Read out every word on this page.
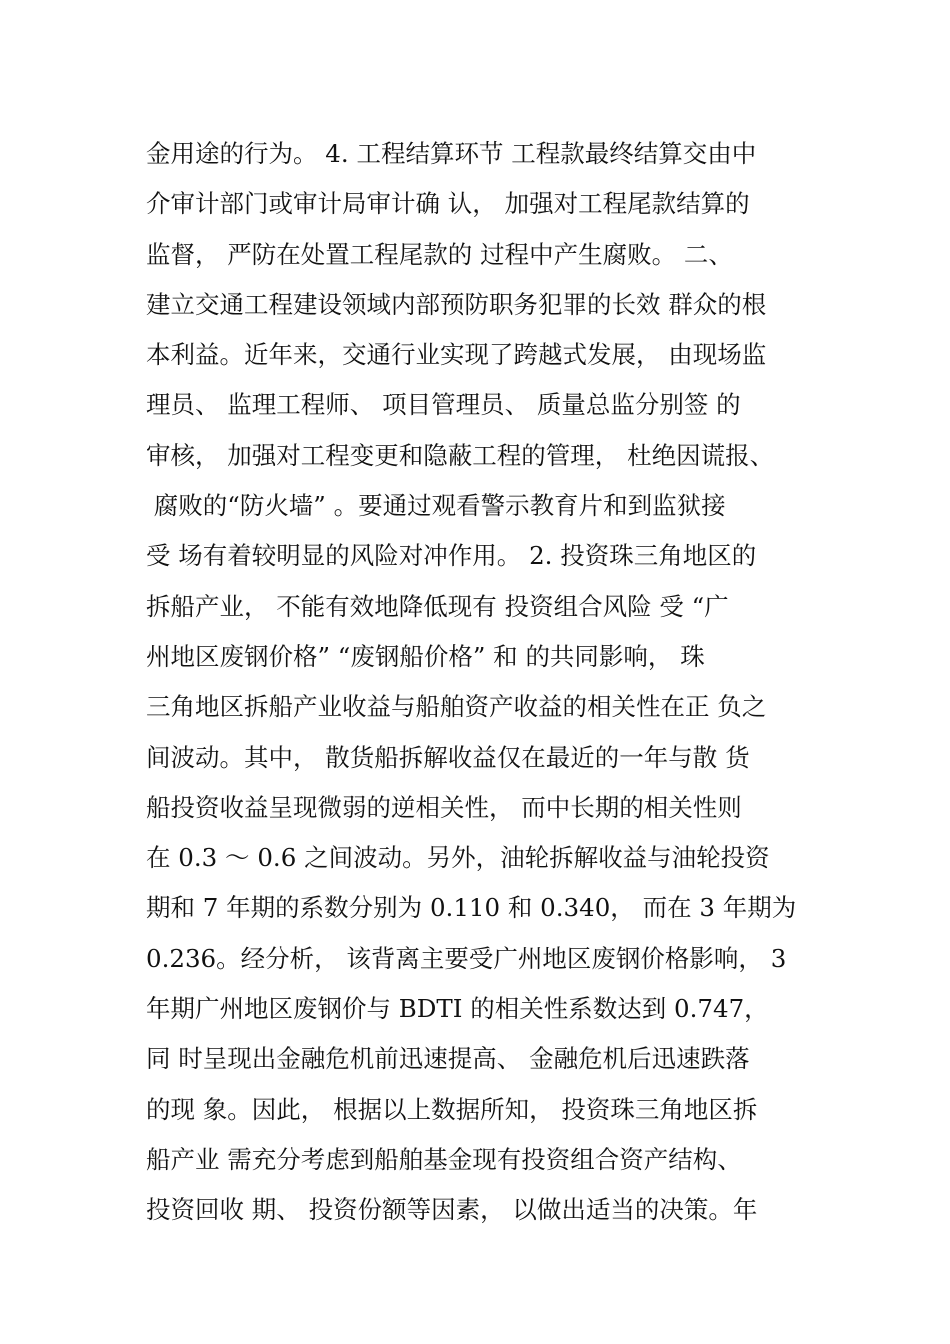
金用途的行为。 4. 工程结算环节 工程款最终结算交由中
介审计部门或审计局审计确 认， 加强对工程尾款结算的
监督， 严防在处置工程尾款的 过程中产生腐败。 二、
建立交通工程建设领域内部预防职务犯罪的长效 群众的根
本利益。近年来，交通行业实现了跨越式发展， 由现场监
理员、 监理工程师、 项目管理员、 质量总监分别签 的
审核， 加强对工程变更和隐蔽工程的管理， 杜绝因谎报、
腐败的“防火墙” 。要通过观看警示教育片和到监狱接
受 场有着较明显的风险对冲作用。 2. 投资珠三角地区的
拆船产业， 不能有效地降低现有 投资组合风险 受 “广
州地区废钢价格” “废钢船价格” 和 的共同影响， 珠
三角地区拆船产业收益与船舶资产收益的相关性在正 负之
间波动。其中， 散货船拆解收益仅在最近的一年与散 货
船投资收益呈现微弱的逆相关性， 而中长期的相关性则
在 0.3 ～ 0.6 之间波动。另外，油轮拆解收益与油轮投资
期和 7 年期的系数分别为 0.110 和 0.340， 而在 3 年期为
0.236。经分析， 该背离主要受广州地区废钢价格影响， 3
年期广州地区废钢价与 BDTI 的相关性系数达到 0.747，
同 时呈现出金融危机前迅速提高、 金融危机后迅速跌落
的现 象。因此， 根据以上数据所知， 投资珠三角地区拆
船产业 需充分考虑到船舶基金现有投资组合资产结构、
投资回收 期、 投资份额等因素， 以做出适当的决策。年
